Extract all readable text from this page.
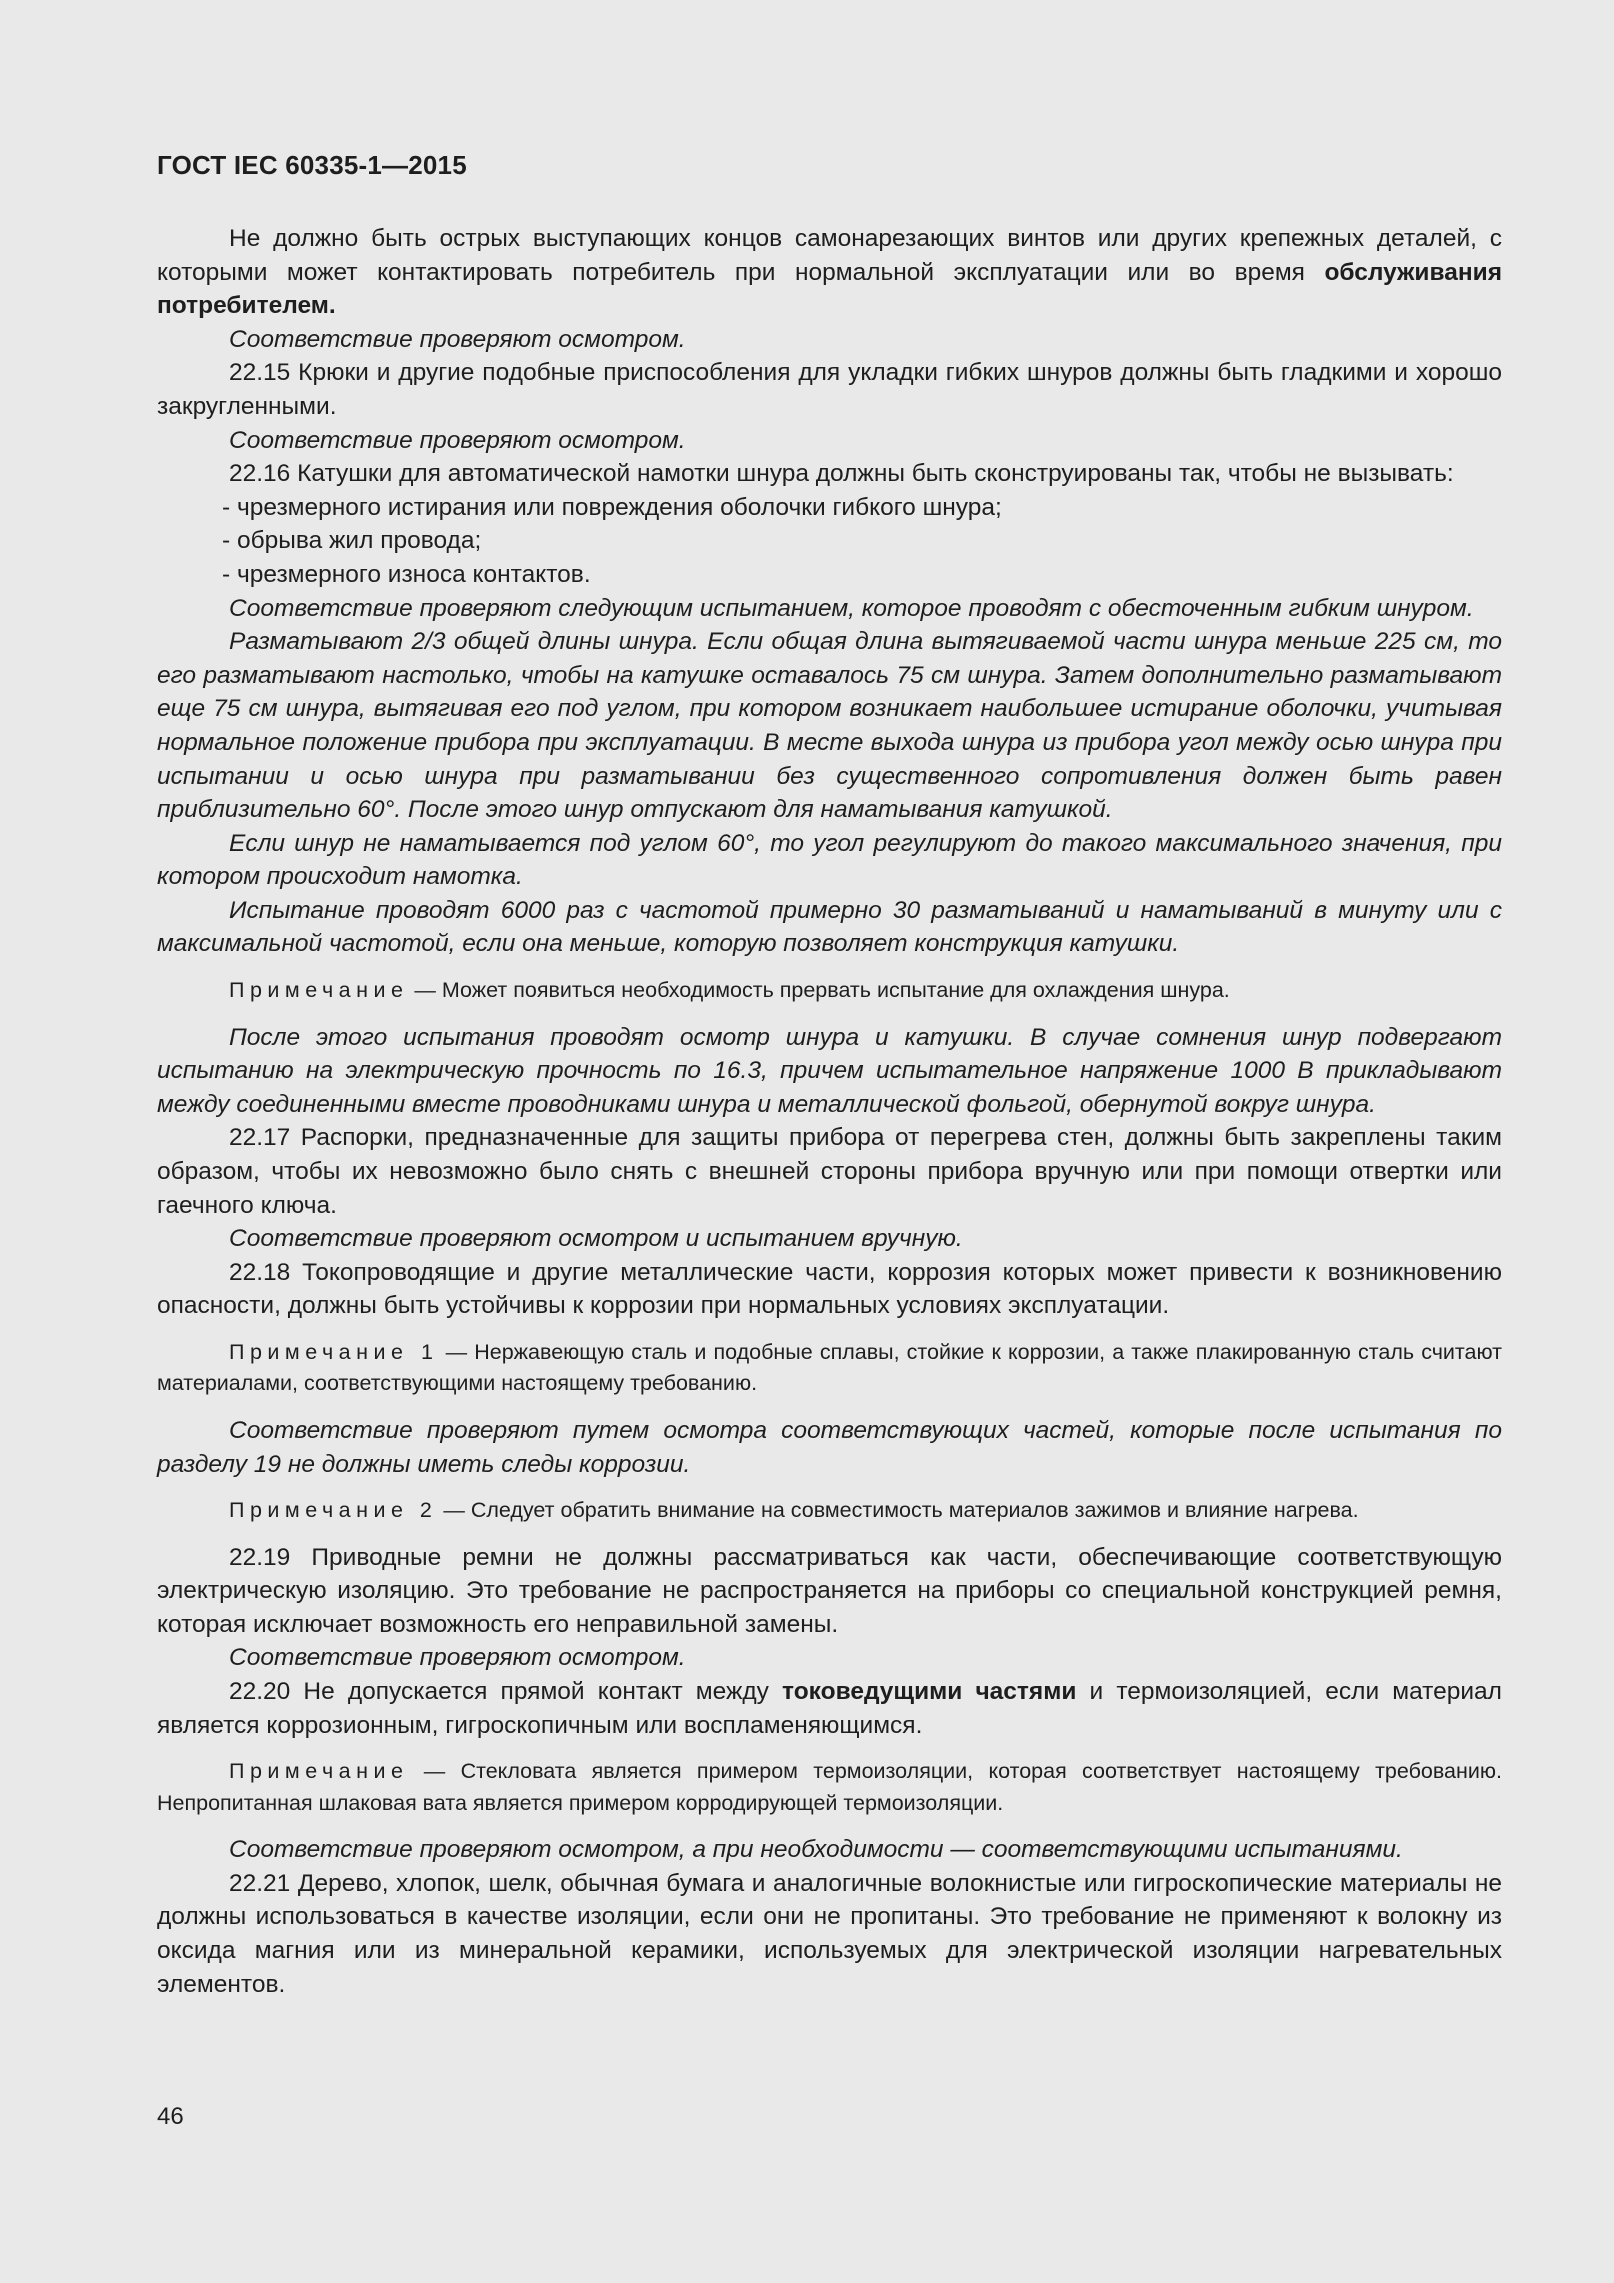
ГОСТ IEC 60335-1—2015

Не должно быть острых выступающих концов самонарезающих винтов или других крепежных деталей, с которыми может контактировать потребитель при нормальной эксплуатации или во время обслуживания потребителем.

Соответствие проверяют осмотром.

22.15 Крюки и другие подобные приспособления для укладки гибких шнуров должны быть гладкими и хорошо закругленными.

Соответствие проверяют осмотром.

22.16 Катушки для автоматической намотки шнура должны быть сконструированы так, чтобы не вызывать:

- чрезмерного истирания или повреждения оболочки гибкого шнура;

- обрыва жил провода;

- чрезмерного износа контактов.

Соответствие проверяют следующим испытанием, которое проводят с обесточенным гибким шнуром.

Разматывают 2/3 общей длины шнура. Если общая длина вытягиваемой части шнура меньше 225 см, то его разматывают настолько, чтобы на катушке оставалось 75 см шнура. Затем дополнительно разматывают еще 75 см шнура, вытягивая его под углом, при котором возникает наибольшее истирание оболочки, учитывая нормальное положение прибора при эксплуатации. В месте выхода шнура из прибора угол между осью шнура при испытании и осью шнура при разматывании без существенного сопротивления должен быть равен приблизительно 60°. После этого шнур отпускают для наматывания катушкой.

Если шнур не наматывается под углом 60°, то угол регулируют до такого максимального значения, при котором происходит намотка.

Испытание проводят 6000 раз с частотой примерно 30 разматываний и наматываний в минуту или с максимальной частотой, если она меньше, которую позволяет конструкция катушки.

Примечание — Может появиться необходимость прервать испытание для охлаждения шнура.

После этого испытания проводят осмотр шнура и катушки. В случае сомнения шнур подвергают испытанию на электрическую прочность по 16.3, причем испытательное напряжение 1000 В прикладывают между соединенными вместе проводниками шнура и металлической фольгой, обернутой вокруг шнура.

22.17 Распорки, предназначенные для защиты прибора от перегрева стен, должны быть закреплены таким образом, чтобы их невозможно было снять с внешней стороны прибора вручную или при помощи отвертки или гаечного ключа.

Соответствие проверяют осмотром и испытанием вручную.

22.18 Токопроводящие и другие металлические части, коррозия которых может привести к возникновению опасности, должны быть устойчивы к коррозии при нормальных условиях эксплуатации.

Примечание 1 — Нержавеющую сталь и подобные сплавы, стойкие к коррозии, а также плакированную сталь считают материалами, соответствующими настоящему требованию.

Соответствие проверяют путем осмотра соответствующих частей, которые после испытания по разделу 19 не должны иметь следы коррозии.

Примечание 2 — Следует обратить внимание на совместимость материалов зажимов и влияние нагрева.

22.19 Приводные ремни не должны рассматриваться как части, обеспечивающие соответствующую электрическую изоляцию. Это требование не распространяется на приборы со специальной конструкцией ремня, которая исключает возможность его неправильной замены.

Соответствие проверяют осмотром.

22.20 Не допускается прямой контакт между токоведущими частями и термоизоляцией, если материал является коррозионным, гигроскопичным или воспламеняющимся.

Примечание — Стекловата является примером термоизоляции, которая соответствует настоящему требованию. Непропитанная шлаковая вата является примером корродирующей термоизоляции.

Соответствие проверяют осмотром, а при необходимости — соответствующими испытаниями.

22.21 Дерево, хлопок, шелк, обычная бумага и аналогичные волокнистые или гигроскопические материалы не должны использоваться в качестве изоляции, если они не пропитаны. Это требование не применяют к волокну из оксида магния или из минеральной керамики, используемых для электрической изоляции нагревательных элементов.

46
